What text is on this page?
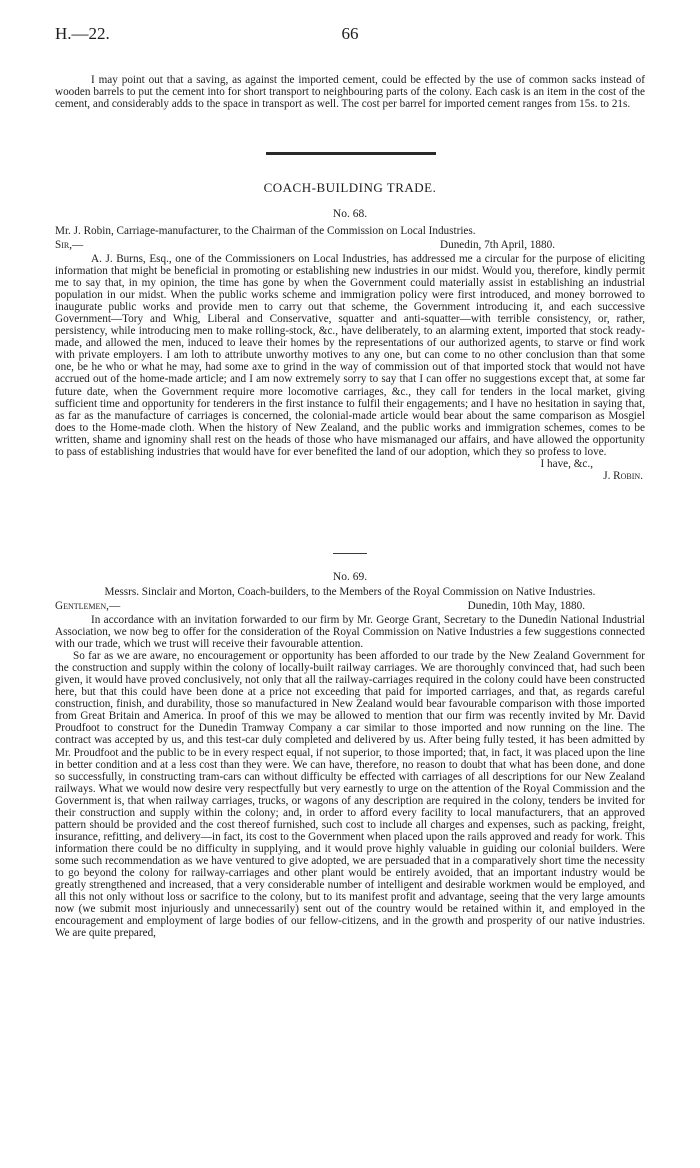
H.—22.	66

I may point out that a saving, as against the imported cement, could be effected by the use of common sacks instead of wooden barrels to put the cement into for short transport to neighbouring parts of the colony. Each cask is an item in the cost of the cement, and considerably adds to the space in transport as well. The cost per barrel for imported cement ranges from 15s. to 21s.

COACH-BUILDING TRADE.

No. 68.

Mr. J. Robin, Carriage-manufacturer, to the Chairman of the Commission on Local Industries.

Sir,—	Dunedin, 7th April, 1880.

A. J. Burns, Esq., one of the Commissioners on Local Industries, has addressed me a circular for the purpose of eliciting information that might be beneficial in promoting or establishing new industries in our midst. Would you, therefore, kindly permit me to say that, in my opinion, the time has gone by when the Government could materially assist in establishing an industrial population in our midst. When the public works scheme and immigration policy were first introduced, and money borrowed to inaugurate public works and provide men to carry out that scheme, the Government introducing it, and each successive Government—Tory and Whig, Liberal and Conservative, squatter and anti-squatter—with terrible consistency, or, rather, persistency, while introducing men to make rolling-stock, &c., have deliberately, to an alarming extent, imported that stock ready-made, and allowed the men, induced to leave their homes by the representations of our authorized agents, to starve or find work with private employers. I am loth to attribute unworthy motives to any one, but can come to no other conclusion than that some one, be he who or what he may, had some axe to grind in the way of commission out of that imported stock that would not have accrued out of the home-made article; and I am now extremely sorry to say that I can offer no suggestions except that, at some far future date, when the Government require more locomotive carriages, &c., they call for tenders in the local market, giving sufficient time and opportunity for tenderers in the first instance to fulfil their engagements; and I have no hesitation in saying that, as far as the manufacture of carriages is concerned, the colonial-made article would bear about the same comparison as Mosgiel does to the Home-made cloth. When the history of New Zealand, and the public works and immigration schemes, comes to be written, shame and ignominy shall rest on the heads of those who have mismanaged our affairs, and have allowed the opportunity to pass of establishing industries that would have for ever benefited the land of our adoption, which they so profess to love.

I have, &c.,

J. Robin.

No. 69.

Messrs. Sinclair and Morton, Coach-builders, to the Members of the Royal Commission on Native Industries.

Gentlemen,—	Dunedin, 10th May, 1880.

In accordance with an invitation forwarded to our firm by Mr. George Grant, Secretary to the Dunedin National Industrial Association, we now beg to offer for the consideration of the Royal Commission on Native Industries a few suggestions connected with our trade, which we trust will receive their favourable attention.

So far as we are aware, no encouragement or opportunity has been afforded to our trade by the New Zealand Government for the construction and supply within the colony of locally-built railway carriages. We are thoroughly convinced that, had such been given, it would have proved conclusively, not only that all the railway-carriages required in the colony could have been constructed here, but that this could have been done at a price not exceeding that paid for imported carriages, and that, as regards careful construction, finish, and durability, those so manufactured in New Zealand would bear favourable comparison with those imported from Great Britain and America. In proof of this we may be allowed to mention that our firm was recently invited by Mr. David Proudfoot to construct for the Dunedin Tramway Company a car similar to those imported and now running on the line. The contract was accepted by us, and this test-car duly completed and delivered by us. After being fully tested, it has been admitted by Mr. Proudfoot and the public to be in every respect equal, if not superior, to those imported; that, in fact, it was placed upon the line in better condition and at a less cost than they were. We can have, therefore, no reason to doubt that what has been done, and done so successfully, in constructing tram-cars can without difficulty be effected with carriages of all descriptions for our New Zealand railways. What we would now desire very respectfully but very earnestly to urge on the attention of the Royal Commission and the Government is, that when railway carriages, trucks, or wagons of any description are required in the colony, tenders be invited for their construction and supply within the colony; and, in order to afford every facility to local manufacturers, that an approved pattern should be provided and the cost thereof furnished, such cost to include all charges and expenses, such as packing, freight, insurance, refitting, and delivery—in fact, its cost to the Government when placed upon the rails approved and ready for work. This information there could be no difficulty in supplying, and it would prove highly valuable in guiding our colonial builders. Were some such recommendation as we have ventured to give adopted, we are persuaded that in a comparatively short time the necessity to go beyond the colony for railway-carriages and other plant would be entirely avoided, that an important industry would be greatly strengthened and increased, that a very considerable number of intelligent and desirable workmen would be employed, and all this not only without loss or sacrifice to the colony, but to its manifest profit and advantage, seeing that the very large amounts now (we submit most injuriously and unnecessarily) sent out of the country would be retained within it, and employed in the encouragement and employment of large bodies of our fellow-citizens, and in the growth and prosperity of our native industries. We are quite prepared,
